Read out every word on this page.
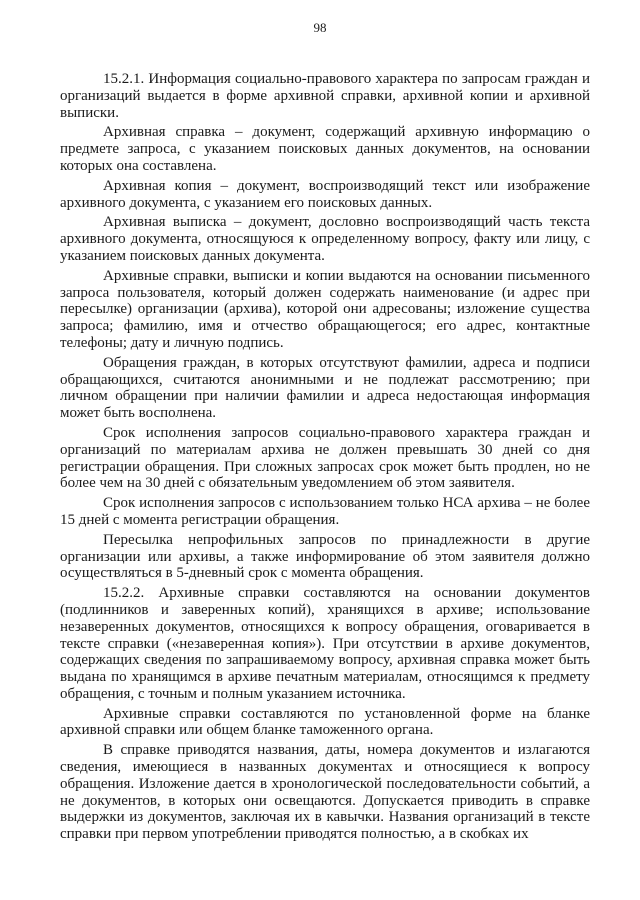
98

15.2.1. Информация социально-правового характера по запросам граждан и организаций выдается в форме архивной справки, архивной копии и архивной выписки.

Архивная справка – документ, содержащий архивную информацию о предмете запроса, с указанием поисковых данных документов, на основании которых она составлена.

Архивная копия – документ, воспроизводящий текст или изображение архивного документа, с указанием его поисковых данных.

Архивная выписка – документ, дословно воспроизводящий часть текста архивного документа, относящуюся к определенному вопросу, факту или лицу, с указанием поисковых данных документа.

Архивные справки, выписки и копии выдаются на основании письменного запроса пользователя, который должен содержать наименование (и адрес при пересылке) организации (архива), которой они адресованы; изложение существа запроса; фамилию, имя и отчество обращающегося; его адрес, контактные телефоны; дату и личную подпись.

Обращения граждан, в которых отсутствуют фамилии, адреса и подписи обращающихся, считаются анонимными и не подлежат рассмотрению; при личном обращении при наличии фамилии и адреса недостающая информация может быть восполнена.

Срок исполнения запросов социально-правового характера граждан и организаций по материалам архива не должен превышать 30 дней со дня регистрации обращения. При сложных запросах срок может быть продлен, но не более чем на 30 дней с обязательным уведомлением об этом заявителя.

Срок исполнения запросов с использованием только НСА архива – не более 15 дней с момента регистрации обращения.

Пересылка непрофильных запросов по принадлежности в другие организации или архивы, а также информирование об этом заявителя должно осуществляться в 5-дневный срок с момента обращения.

15.2.2. Архивные справки составляются на основании документов (подлинников и заверенных копий), хранящихся в архиве; использование незаверенных документов, относящихся к вопросу обращения, оговаривается в тексте справки («незаверенная копия»). При отсутствии в архиве документов, содержащих сведения по запрашиваемому вопросу, архивная справка может быть выдана по хранящимся в архиве печатным материалам, относящимся к предмету обращения, с точным и полным указанием источника.

Архивные справки составляются по установленной форме на бланке архивной справки или общем бланке таможенного органа.

В справке приводятся названия, даты, номера документов и излагаются сведения, имеющиеся в названных документах и относящиеся к вопросу обращения. Изложение дается в хронологической последовательности событий, а не документов, в которых они освещаются. Допускается приводить в справке выдержки из документов, заключая их в кавычки. Названия организаций в тексте справки при первом употреблении приводятся полностью, а в скобках их
